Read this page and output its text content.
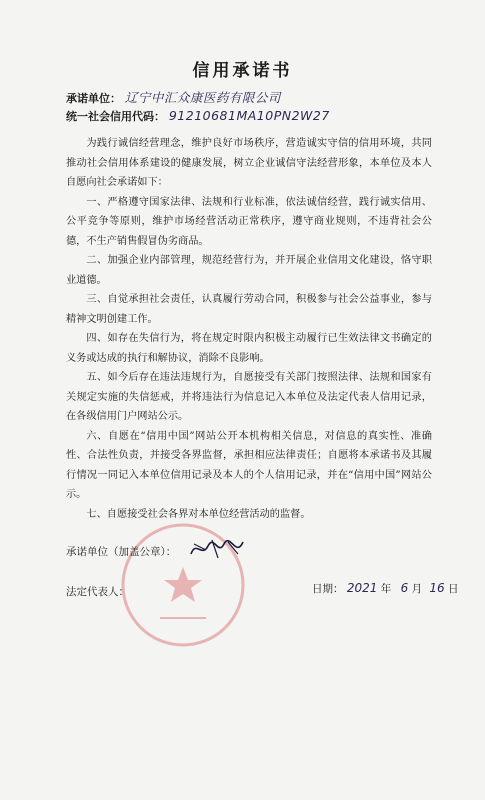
信用承诺书
承诺单位： 辽宁中汇众康医药有限公司
统一社会信用代码： 91210681MA10PN2W27

为践行诚信经营理念，维护良好市场秩序，营造诚实守信的信用环境，共同推动社会信用体系建设的健康发展，树立企业诚信守法经营形象，本单位及本人自愿向社会承诺如下：

一、严格遵守国家法律、法规和行业标准，依法诚信经营，践行诚实信用、公平竞争等原则，维护市场经营活动正常秩序，遵守商业规则，不违背社会公德，不生产销售假冒伪劣商品。

二、加强企业内部管理，规范经营行为，并开展企业信用文化建设，恪守职业道德。

三、自觉承担社会责任，认真履行劳动合同，积极参与社会公益事业，参与精神文明创建工作。

四、如存在失信行为，将在规定时限内积极主动履行已生效法律文书确定的义务或达成的执行和解协议，消除不良影响。

五、如今后存在违法违规行为，自愿接受有关部门按照法律、法规和国家有关规定实施的失信惩戒，并将违法行为信息记入本单位及法定代表人信用记录，在各级信用门户网站公示。

六、自愿在“信用中国”网站公开本机构相关信息，对信息的真实性、准确性、合法性负责，并接受各界监督，承担相应法律责任；自愿将本承诺书及其履行情况一同记入本单位信用记录及本人的个人信用记录，并在“信用中国”网站公示。

七、自愿接受社会各界对本单位经营活动的监督。

承诺单位（加盖公章）：
法定代表人：	日期： 2021 年 6 月 16 日
